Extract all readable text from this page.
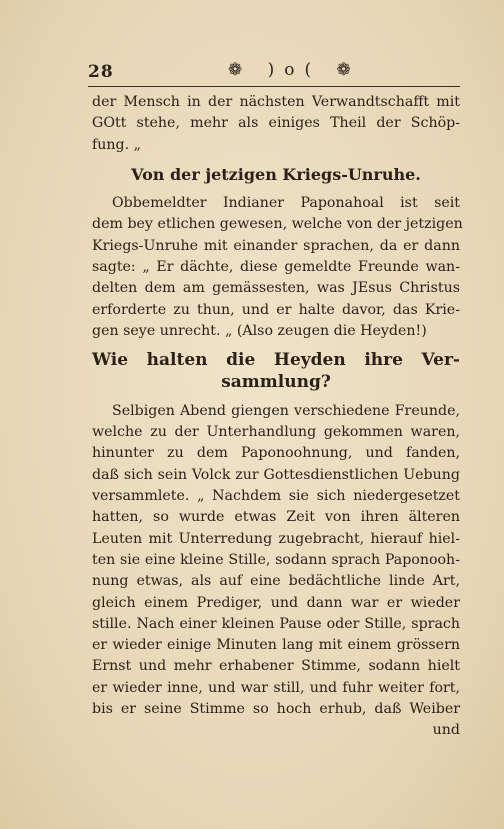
28	❁ )o( ❁
der Mensch in der nächsten Verwandtschafft mit
GOtt stehe, mehr als einiges Theil der Schöp-
fung. „
Von der jetzigen Kriegs-Unruhe.
Obbemeldter Indianer Paponahoal ist seit
dem bey etlichen gewesen, welche von der jetzigen
Kriegs-Unruhe mit einander sprachen, da er dann
sagte: „ Er dächte, diese gemeldte Freunde wan-
delten dem am gemässesten, was JEsus Christus
erforderte zu thun, und er halte davor, das Krie-
gen seye unrecht. „ (Also zeugen die Heyden!)
Wie halten die Heyden ihre Ver-
sammlung?
Selbigen Abend giengen verschiedene Freunde,
welche zu der Unterhandlung gekommen waren,
hinunter zu dem Paponoohnung, und fanden,
daß sich sein Volck zur Gottesdienstlichen Uebung
versammlete. „ Nachdem sie sich niedergesetzet
hatten, so wurde etwas Zeit von ihren älteren
Leuten mit Unterredung zugebracht, hierauf hiel-
ten sie eine kleine Stille, sodann sprach Paponooh-
nung etwas, als auf eine bedächtliche linde Art,
gleich einem Prediger, und dann war er wieder
stille. Nach einer kleinen Pause oder Stille, sprach
er wieder einige Minuten lang mit einem grössern
Ernst und mehr erhabener Stimme, sodann hielt
er wieder inne, und war still, und fuhr weiter fort,
bis er seine Stimme so hoch erhub, daß Weiber
und
